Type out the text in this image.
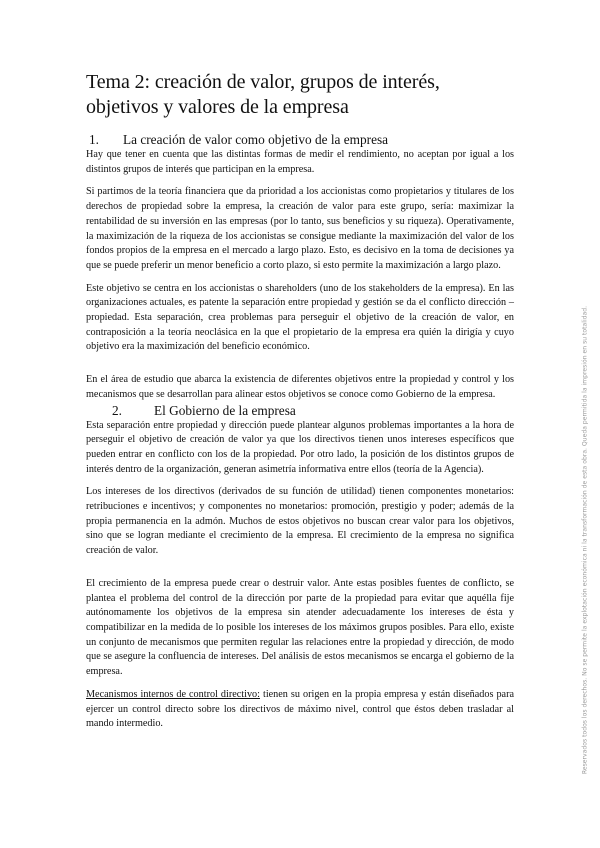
Tema 2: creación de valor, grupos de interés, objetivos y valores de la empresa
1. La creación de valor como objetivo de la empresa

Hay que tener en cuenta que las distintas formas de medir el rendimiento, no aceptan por igual a los distintos grupos de interés que participan en la empresa.

Si partimos de la teoría financiera que da prioridad a los accionistas como propietarios y titulares de los derechos de propiedad sobre la empresa, la creación de valor para este grupo, sería: maximizar la rentabilidad de su inversión en las empresas (por lo tanto, sus beneficios y su riqueza). Operativamente, la maximización de la riqueza de los accionistas se consigue mediante la maximización del valor de los fondos propios de la empresa en el mercado a largo plazo. Esto, es decisivo en la toma de decisiones ya que se puede preferir un menor beneficio a corto plazo, si esto permite la maximización a largo plazo.

Este objetivo se centra en los accionistas o shareholders (uno de los stakeholders de la empresa). En las organizaciones actuales, es patente la separación entre propiedad y gestión se da el conflicto dirección – propiedad. Esta separación, crea problemas para perseguir el objetivo de la creación de valor, en contraposición a la teoría neoclásica en la que el propietario de la empresa era quién la dirigía y cuyo objetivo era la maximización del beneficio económico.

En el área de estudio que abarca la existencia de diferentes objetivos entre la propiedad y control y los mecanismos que se desarrollan para alinear estos objetivos se conoce como Gobierno de la empresa.

2. El Gobierno de la empresa

Esta separación entre propiedad y dirección puede plantear algunos problemas importantes a la hora de perseguir el objetivo de creación de valor ya que los directivos tienen unos intereses específicos que pueden entrar en conflicto con los de la propiedad. Por otro lado, la posición de los distintos grupos de interés dentro de la organización, generan asimetría informativa entre ellos (teoría de la Agencia).

Los intereses de los directivos (derivados de su función de utilidad) tienen componentes monetarios: retribuciones e incentivos; y componentes no monetarios: promoción, prestigio y poder; además de la propia permanencia en la admón. Muchos de estos objetivos no buscan crear valor para los objetivos, sino que se logran mediante el crecimiento de la empresa. El crecimiento de la empresa no significa creación de valor.

El crecimiento de la empresa puede crear o destruir valor. Ante estas posibles fuentes de conflicto, se plantea el problema del control de la dirección por parte de la propiedad para evitar que aquélla fije autónomamente los objetivos de la empresa sin atender adecuadamente los intereses de ésta y compatibilizar en la medida de lo posible los intereses de los máximos grupos posibles. Para ello, existe un conjunto de mecanismos que permiten regular las relaciones entre la propiedad y dirección, de modo que se asegure la confluencia de intereses. Del análisis de estos mecanismos se encarga el gobierno de la empresa.

Mecanismos internos de control directivo: tienen su origen en la propia empresa y están diseñados para ejercer un control directo sobre los directivos de máximo nivel, control que éstos deben trasladar al mando intermedio.	Reservados todos los derechos. No se permite la explotación económica ni la transformación de esta obra. Queda permitida la impresión en su totalidad.
